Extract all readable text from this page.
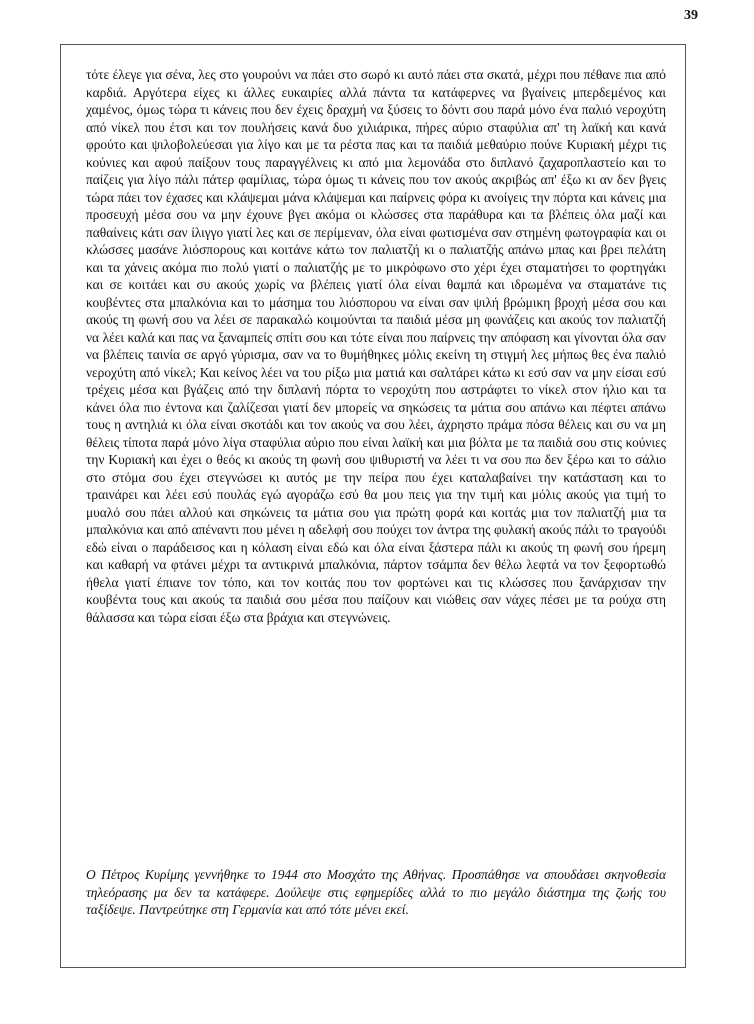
39

τότε έλεγε για σένα, λες στο γουρούνι να πάει στο σωρό κι αυτό πάει στα σκατά, μέχρι που πέθανε πια από καρδιά. Αργότερα είχες κι άλλες ευκαιρίες αλλά πάντα τα κατάφερνες να βγαίνεις μπερδεμένος και χαμένος, όμως τώρα τι κάνεις που δεν έχεις δραχμή να ξύσεις το δόντι σου παρά μόνο ένα παλιό νεροχύτη από νίκελ που έτσι και τον πουλήσεις κανά δυο χιλιάρικα, πήρες αύριο σταφύλια απ' τη λαϊκή και κανά φρούτο και ψιλοβολεύεσαι για λίγο και με τα ρέστα πας και τα παιδιά μεθαύριο πούνε Κυριακή μέχρι τις κούνιες και αφού παίξουν τους παραγγέλνεις κι από μια λεμονάδα στο διπλανό ζαχαροπλαστείο και το παίζεις για λίγο πάλι πάτερ φαμίλιας, τώρα όμως τι κάνεις που τον ακούς ακριβώς απ' έξω κι αν δεν βγεις τώρα πάει τον έχασες και κλάψεμαι μάνα κλάψεμαι και παίρνεις φόρα κι ανοίγεις την πόρτα και κάνεις μια προσευχή μέσα σου να μην έχουνε βγει ακόμα οι κλώσσες στα παράθυρα και τα βλέπεις όλα μαζί και παθαίνεις κάτι σαν ίλιγγο γιατί λες και σε περίμεναν, όλα είναι φωτισμένα σαν στημένη φωτογραφία και οι κλώσσες μασάνε λιόσπορους και κοιτάνε κάτω τον παλιατζή κι ο παλιατζής απάνω μπας και βρει πελάτη και τα χάνεις ακόμα πιο πολύ γιατί ο παλιατζής με το μικρόφωνο στο χέρι έχει σταματήσει το φορτηγάκι και σε κοιτάει και συ ακούς χωρίς να βλέπεις γιατί όλα είναι θαμπά και ιδρωμένα να σταματάνε τις κουβέντες στα μπαλκόνια και το μάσημα του λιόσπορου να είναι σαν ψιλή βρώμικη βροχή μέσα σου και ακούς τη φωνή σου να λέει σε παρακαλώ κοιμούνται τα παιδιά μέσα μη φωνάζεις και ακούς τον παλιατζή να λέει καλά και πας να ξαναμπείς σπίτι σου και τότε είναι που παίρνεις την απόφαση και γίνονται όλα σαν να βλέπεις ταινία σε αργό γύρισμα, σαν να το θυμήθηκες μόλις εκείνη τη στιγμή λες μήπως θες ένα παλιό νεροχύτη από νίκελ; Και κείνος λέει να του ρίξω μια ματιά και σαλτάρει κάτω κι εσύ σαν να μην είσαι εσύ τρέχεις μέσα και βγάζεις από την διπλανή πόρτα το νεροχύτη που αστράφτει το νίκελ στον ήλιο και τα κάνει όλα πιο έντονα και ζαλίζεσαι γιατί δεν μπορείς να σηκώσεις τα μάτια σου απάνω και πέφτει απάνω τους η αντηλιά κι όλα είναι σκοτάδι και τον ακούς να σου λέει, άχρηστο πράμα πόσα θέλεις και συ να μη θέλεις τίποτα παρά μόνο λίγα σταφύλια αύριο που είναι λαϊκή και μια βόλτα με τα παιδιά σου στις κούνιες την Κυριακή και έχει ο θεός κι ακούς τη φωνή σου ψιθυριστή να λέει τι να σου πω δεν ξέρω και το σάλιο στο στόμα σου έχει στεγνώσει κι αυτός με την πείρα που έχει καταλαβαίνει την κατάσταση και το τραινάρει και λέει εσύ πουλάς εγώ αγοράζω εσύ θα μου πεις για την τιμή και μόλις ακούς για τιμή το μυαλό σου πάει αλλού και σηκώνεις τα μάτια σου για πρώτη φορά και κοιτάς μια τον παλιατζή μια τα μπαλκόνια και από απέναντι που μένει η αδελφή σου πούχει τον άντρα της φυλακή ακούς πάλι το τραγούδι εδώ είναι ο παράδεισος και η κόλαση είναι εδώ και όλα είναι ξάστερα πάλι κι ακούς τη φωνή σου ήρεμη και καθαρή να φτάνει μέχρι τα αντικρινά μπαλκόνια, πάρτον τσάμπα δεν θέλω λεφτά να τον ξεφορτωθώ ήθελα γιατί έπιανε τον τόπο, και τον κοιτάς που τον φορτώνει και τις κλώσσες που ξανάρχισαν την κουβέντα τους και ακούς τα παιδιά σου μέσα που παίζουν και νιώθεις σαν νάχες πέσει με τα ρούχα στη θάλασσα και τώρα είσαι έξω στα βράχια και στεγνώνεις.

Ο Πέτρος Κυρίμης γεννήθηκε το 1944 στο Μοσχάτο της Αθήνας. Προσπάθησε να σπουδάσει σκηνοθεσία τηλεόρασης μα δεν τα κατάφερε. Δούλεψε στις εφημερίδες αλλά το πιο μεγάλο διάστημα της ζωής του ταξίδεψε. Παντρεύτηκε στη Γερμανία και από τότε μένει εκεί.
